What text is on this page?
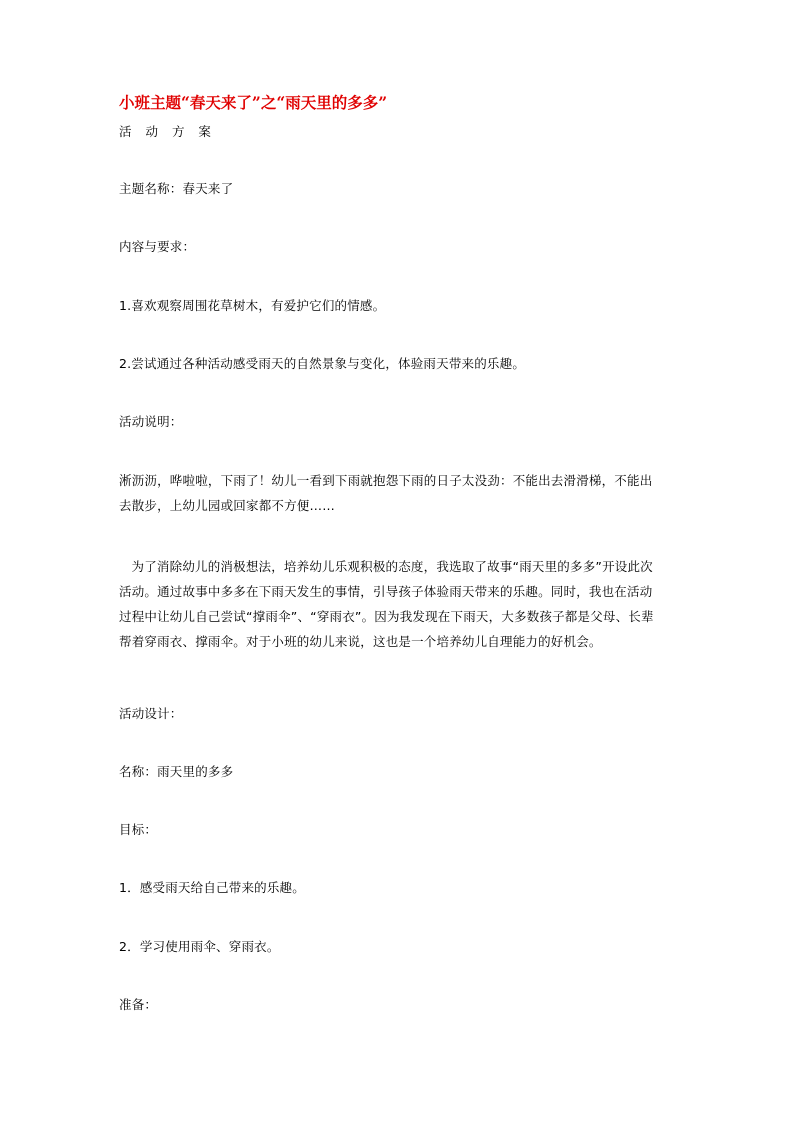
小班主题“春天来了”之“雨天里的多多”
活 动 方 案
主题名称：春天来了
内容与要求：
1.喜欢观察周围花草树木，有爱护它们的情感。
2.尝试通过各种活动感受雨天的自然景象与变化，体验雨天带来的乐趣。
活动说明：
淅沥沥，哗啦啦，下雨了！幼儿一看到下雨就抱怨下雨的日子太没劲：不能出去滑滑梯，不能出
去散步，上幼儿园或回家都不方便……
为了消除幼儿的消极想法，培养幼儿乐观积极的态度，我选取了故事“雨天里的多多”开设此次
活动。通过故事中多多在下雨天发生的事情，引导孩子体验雨天带来的乐趣。同时，我也在活动
过程中让幼儿自己尝试“撑雨伞”、“穿雨衣”。因为我发现在下雨天，大多数孩子都是父母、长辈
帮着穿雨衣、撑雨伞。对于小班的幼儿来说，这也是一个培养幼儿自理能力的好机会。
活动设计：
名称：雨天里的多多
目标：
1．感受雨天给自己带来的乐趣。
2．学习使用雨伞、穿雨衣。
准备：
